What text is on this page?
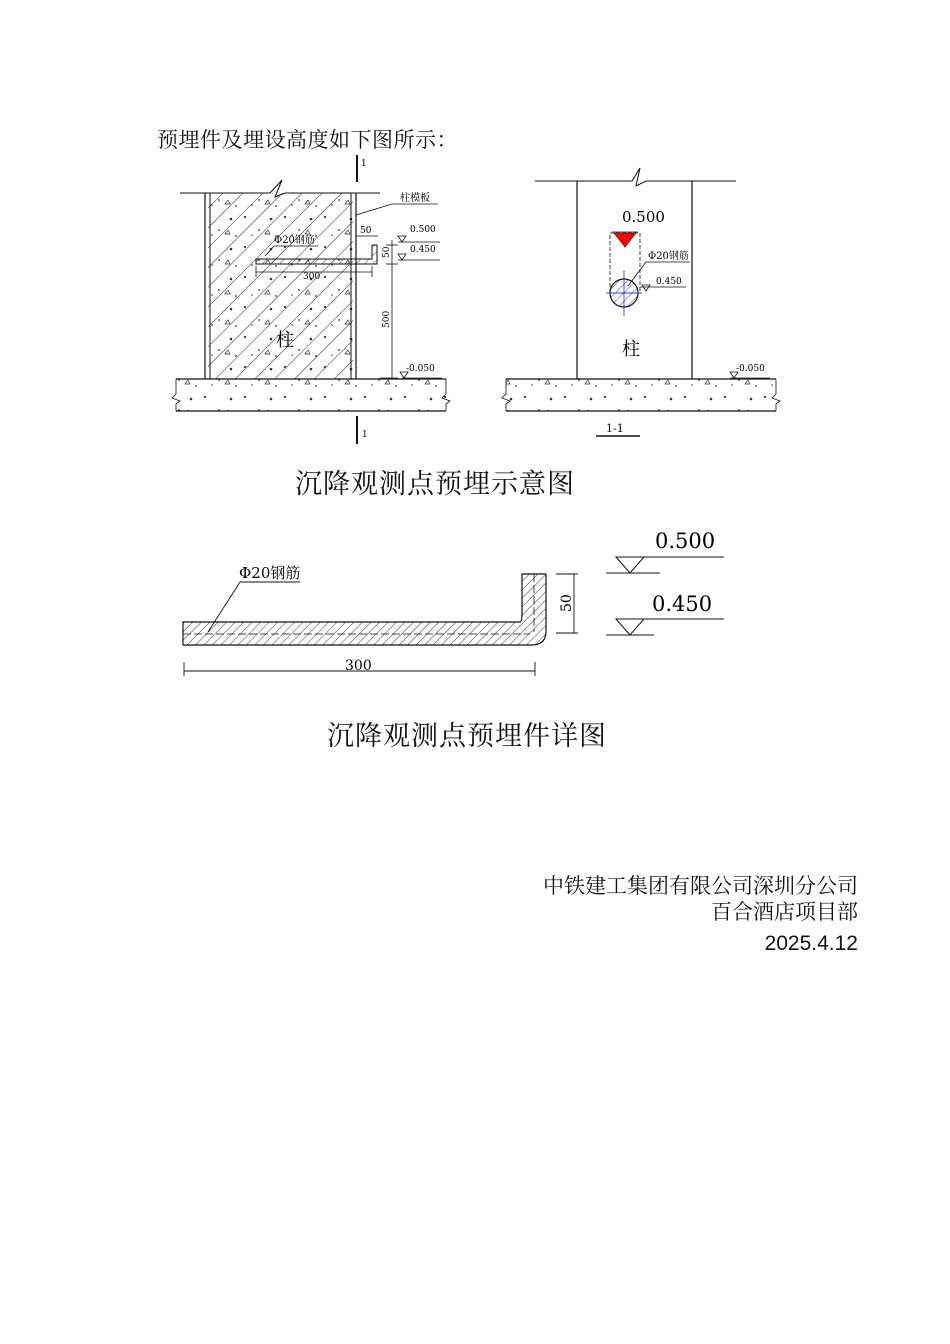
预埋件及埋设高度如下图所示：
1
1
柱模板
Φ20钢筋
50
300
50
500
0.500
0.450
-0.050
柱
0.500
Φ20钢筋
0.450
柱
-0.050
1-1
Φ20钢筋
300
50
0.500
0.450
沉降观测点预埋示意图
沉降观测点预埋件详图
中铁建工集团有限公司深圳分公司
百合酒店项目部
2025.4.12
